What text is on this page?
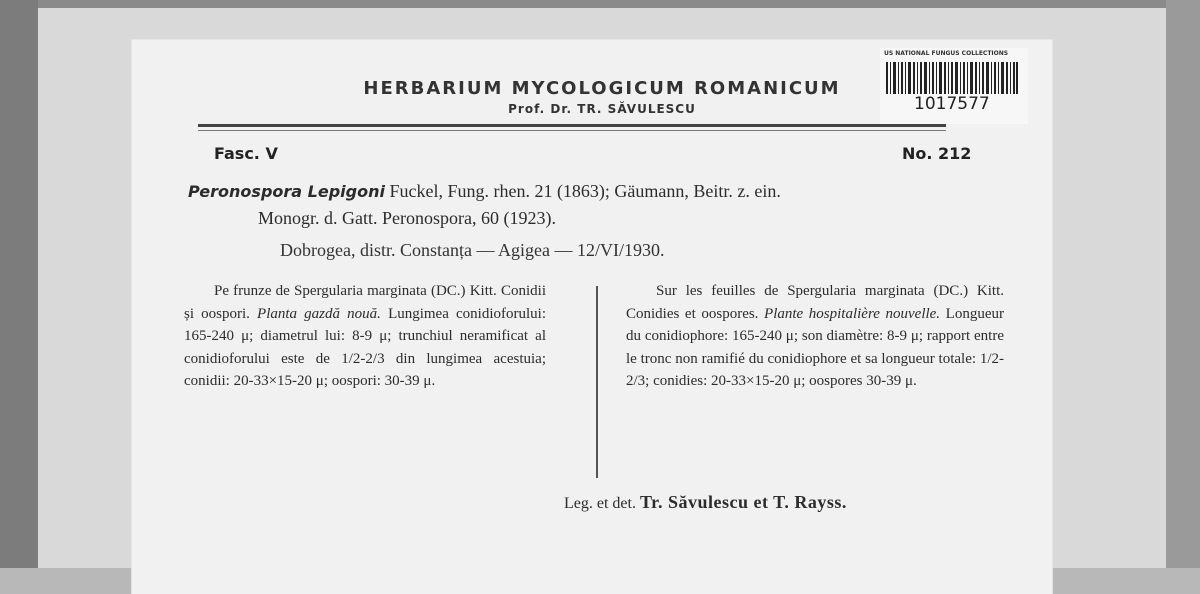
HERBARIUM MYCOLOGICUM ROMANICUM
Prof. Dr. TR. SĂVULESCU
US NATIONAL FUNGUS COLLECTIONS
1017577
Fasc. V	No. 212
Peronospora Lepigoni Fuckel, Fung. rhen. 21 (1863); Gäumann, Beitr. z. ein.
Monogr. d. Gatt. Peronospora, 60 (1923).
Dobrogea, distr. Constanța — Agigea — 12/VI/1930.

Pe frunze de Spergularia marginata (DC.) Kitt. Conidii și oospori. Planta gazdă nouă. Lungimea conidioforului: 165-240 μ; diametrul lui: 8-9 μ; trunchiul neramificat al conidioforului este de 1/2-2/3 din lungimea acestuia; conidii: 20-33×15-20 μ; oospori: 30-39 μ.

Sur les feuilles de Spergularia marginata (DC.) Kitt. Conidies et oospores. Plante hospitalière nouvelle. Longueur du conidiophore: 165-240 μ; son diamètre: 8-9 μ; rapport entre le tronc non ramifié du conidiophore et sa longueur totale: 1/2-2/3; conidies: 20-33×15-20 μ; oospores 30-39 μ.

Leg. et det. Tr. Săvulescu et T. Rayss.
